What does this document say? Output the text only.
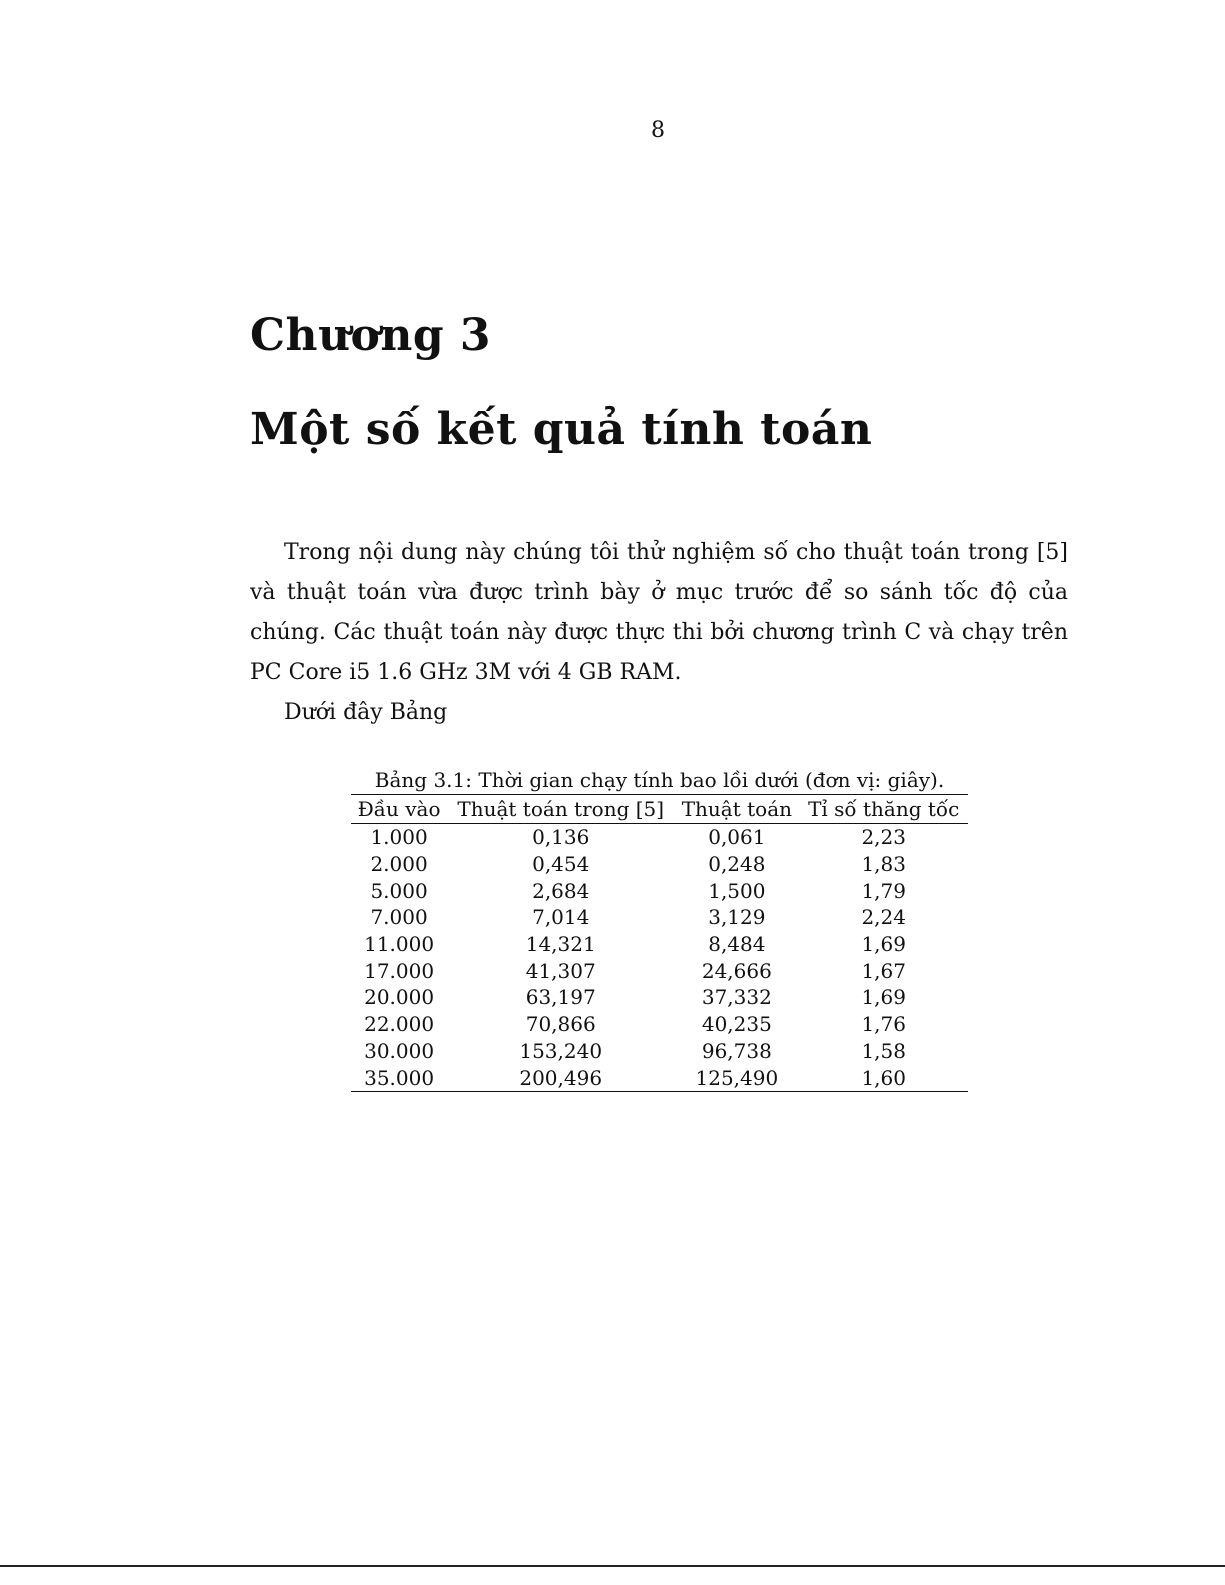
8
Chương 3
Một số kết quả tính toán

Trong nội dung này chúng tôi thử nghiệm số cho thuật toán trong [5] và thuật toán vừa được trình bày ở mục trước để so sánh tốc độ của chúng. Các thuật toán này được thực thi bởi chương trình C và chạy trên PC Core i5 1.6 GHz 3M với 4 GB RAM.

Dưới đây Bảng

Bảng 3.1: Thời gian chạy tính bao lồi dưới (đơn vị: giây).
Đầu vào	Thuật toán trong [5]	Thuật toán	Tỉ số thăng tốc
1.000	0,136	0,061	2,23
2.000	0,454	0,248	1,83
5.000	2,684	1,500	1,79
7.000	7,014	3,129	2,24
11.000	14,321	8,484	1,69
17.000	41,307	24,666	1,67
20.000	63,197	37,332	1,69
22.000	70,866	40,235	1,76
30.000	153,240	96,738	1,58
35.000	200,496	125,490	1,60
